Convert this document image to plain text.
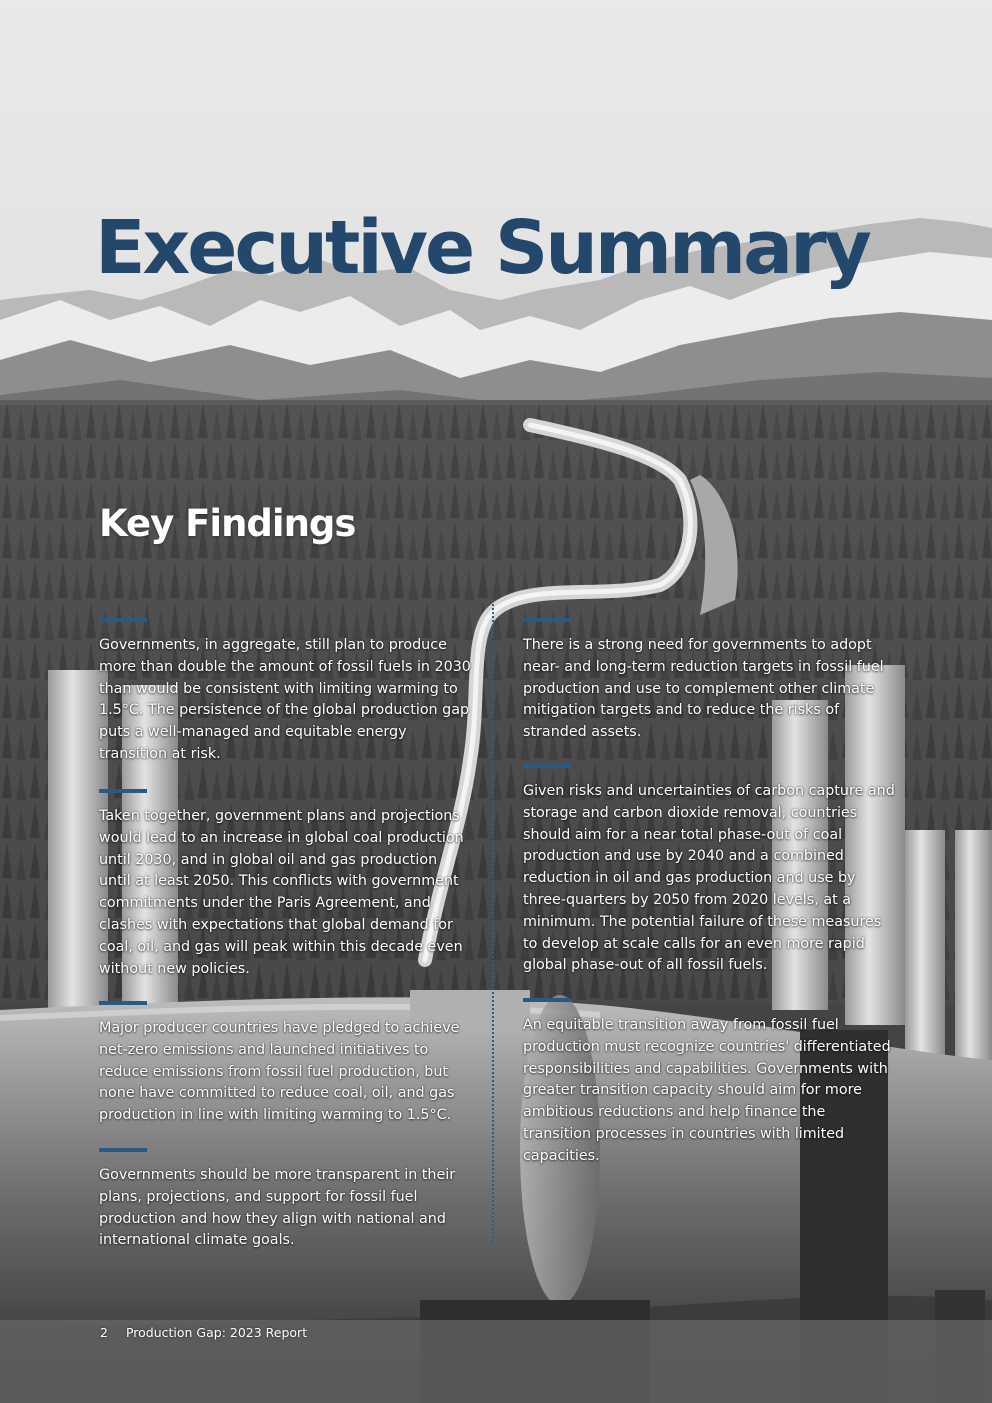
Executive Summary
Key Findings

Governments, in aggregate, still plan to produce more than double the amount of fossil fuels in 2030 than would be consistent with limiting warming to 1.5°C. The persistence of the global production gap puts a well-managed and equitable energy transition at risk.

Taken together, government plans and projections would lead to an increase in global coal production until 2030, and in global oil and gas production until at least 2050. This conflicts with government commitments under the Paris Agreement, and clashes with expectations that global demand for coal, oil, and gas will peak within this decade even without new policies.

Major producer countries have pledged to achieve net-zero emissions and launched initiatives to reduce emissions from fossil fuel production, but none have committed to reduce coal, oil, and gas production in line with limiting warming to 1.5°C.

Governments should be more transparent in their plans, projections, and support for fossil fuel production and how they align with national and international climate goals.

There is a strong need for governments to adopt near- and long-term reduction targets in fossil fuel production and use to complement other climate mitigation targets and to reduce the risks of stranded assets.

Given risks and uncertainties of carbon capture and storage and carbon dioxide removal, countries should aim for a near total phase-out of coal production and use by 2040 and a combined reduction in oil and gas production and use by three-quarters by 2050 from 2020 levels, at a minimum. The potential failure of these measures to develop at scale calls for an even more rapid global phase-out of all fossil fuels.

An equitable transition away from fossil fuel production must recognize countries' differentiated responsibilities and capabilities. Governments with greater transition capacity should aim for more ambitious reductions and help finance the transition processes in countries with limited capacities.

2 Production Gap: 2023 Report
